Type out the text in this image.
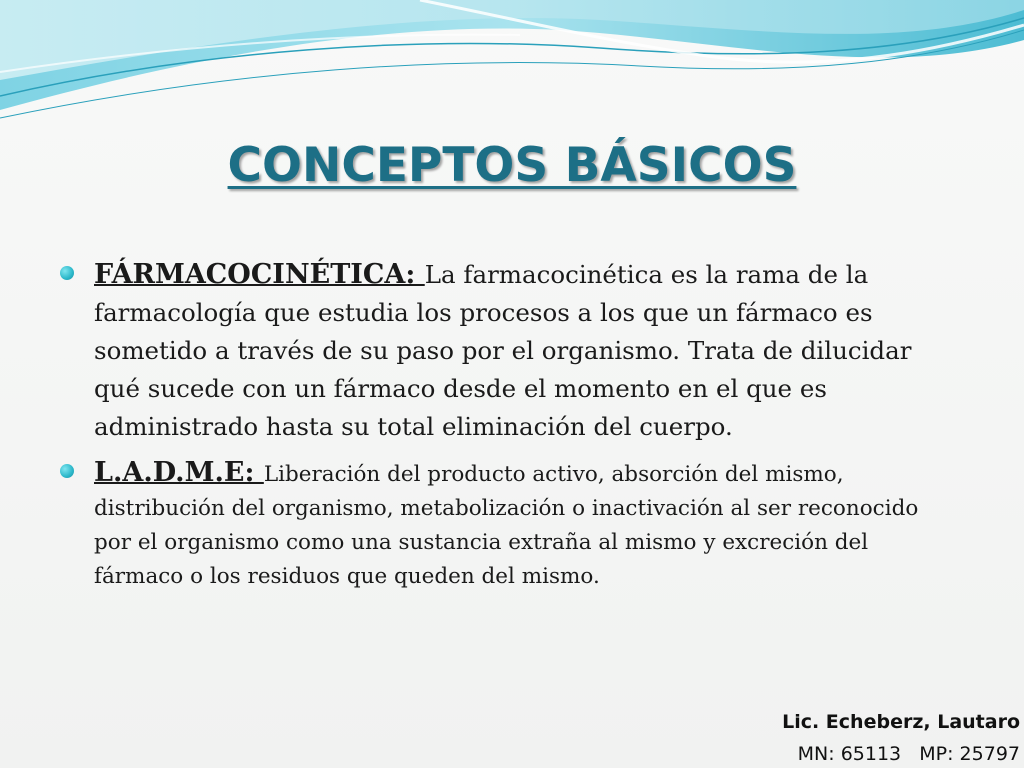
CONCEPTOS BÁSICOS
FÁRMACOCINÉTICA: La farmacocinética es la rama de la farmacología que estudia los procesos a los que un fármaco es sometido a través de su paso por el organismo. Trata de dilucidar qué sucede con un fármaco desde el momento en el que es administrado hasta su total eliminación del cuerpo.
L.A.D.M.E: Liberación del producto activo, absorción del mismo, distribución del organismo, metabolización o inactivación al ser reconocido por el organismo como una sustancia extraña al mismo y excreción del fármaco o los residuos que queden del mismo.
Lic. Echeberz, Lautaro
MN: 65113   MP: 25797
